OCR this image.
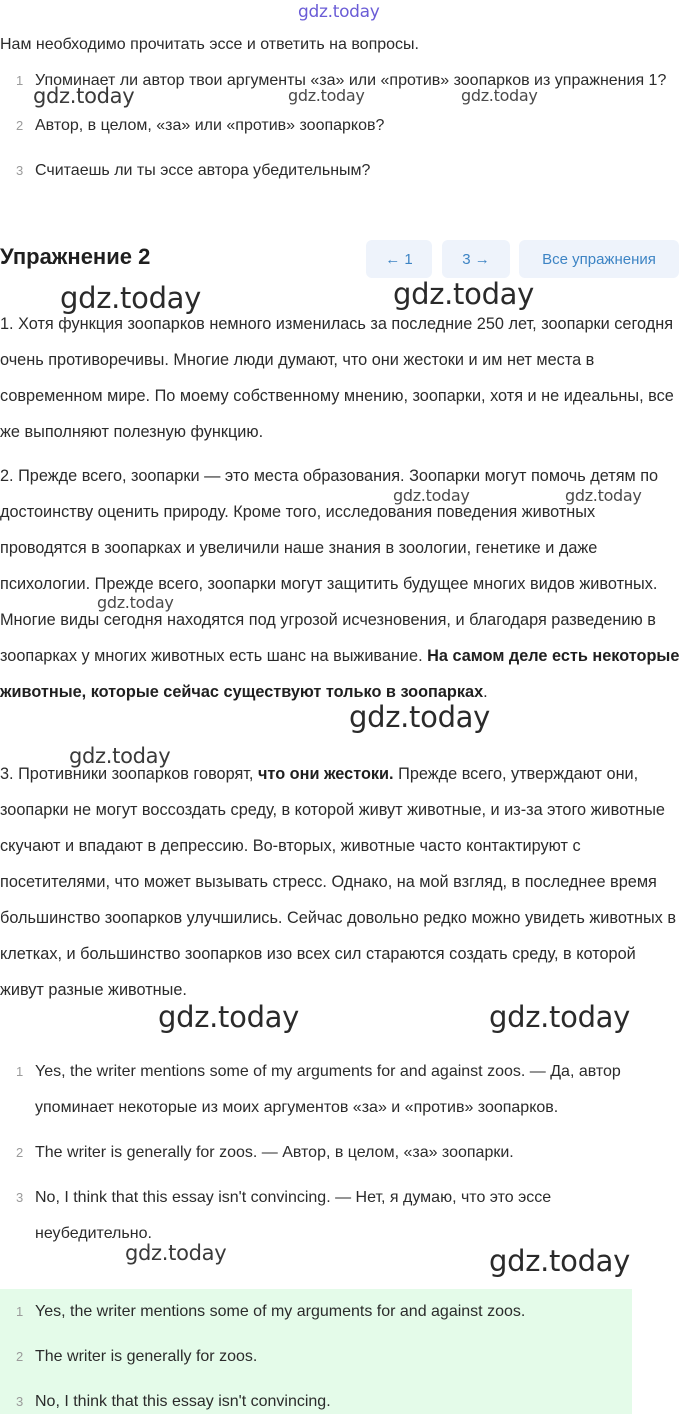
gdz.today
Нам необходимо прочитать эссе и ответить на вопросы.
1 Упоминает ли автор твои аргументы «за» или «против» зоопарков из упражнения 1?
2 Автор, в целом, «за» или «против» зоопарков?
3 Считаешь ли ты эссе автора убедительным?
Упражнение 2	← 1	3 →	Все упражнения
1. Хотя функция зоопарков немного изменилась за последние 250 лет, зоопарки сегодня очень противоречивы. Многие люди думают, что они жестоки и им нет места в современном мире. По моему собственному мнению, зоопарки, хотя и не идеальны, все же выполняют полезную функцию.
2. Прежде всего, зоопарки — это места образования. Зоопарки могут помочь детям по достоинству оценить природу. Кроме того, исследования поведения животных проводятся в зоопарках и увеличили наше знания в зоологии, генетике и даже психологии. Прежде всего, зоопарки могут защитить будущее многих видов животных. Многие виды сегодня находятся под угрозой исчезновения, и благодаря разведению в зоопарках у многих животных есть шанс на выживание. На самом деле есть некоторые животные, которые сейчас существуют только в зоопарках.
3. Противники зоопарков говорят, что они жестоки. Прежде всего, утверждают они, зоопарки не могут воссоздать среду, в которой живут животные, и из-за этого животные скучают и впадают в депрессию. Во-вторых, животные часто контактируют с посетителями, что может вызывать стресс. Однако, на мой взгляд, в последнее время большинство зоопарков улучшились. Сейчас довольно редко можно увидеть животных в клетках, и большинство зоопарков изо всех сил стараются создать среду, в которой живут разные животные.
1 Yes, the writer mentions some of my arguments for and against zoos. — Да, автор упоминает некоторые из моих аргументов «за» и «против» зоопарков.
2 The writer is generally for zoos. — Автор, в целом, «за» зоопарки.
3 No, I think that this essay isn't convincing. — Нет, я думаю, что это эссе неубедительно.
1 Yes, the writer mentions some of my arguments for and against zoos.
2 The writer is generally for zoos.
3 No, I think that this essay isn't convincing.
gdz.today	gdz.today	gdz.today
gdz.today	gdz.today
gdz.today	gdz.today
gdz.today
gdz.today
gdz.today
gdz.today	gdz.today
gdz.today	gdz.today
